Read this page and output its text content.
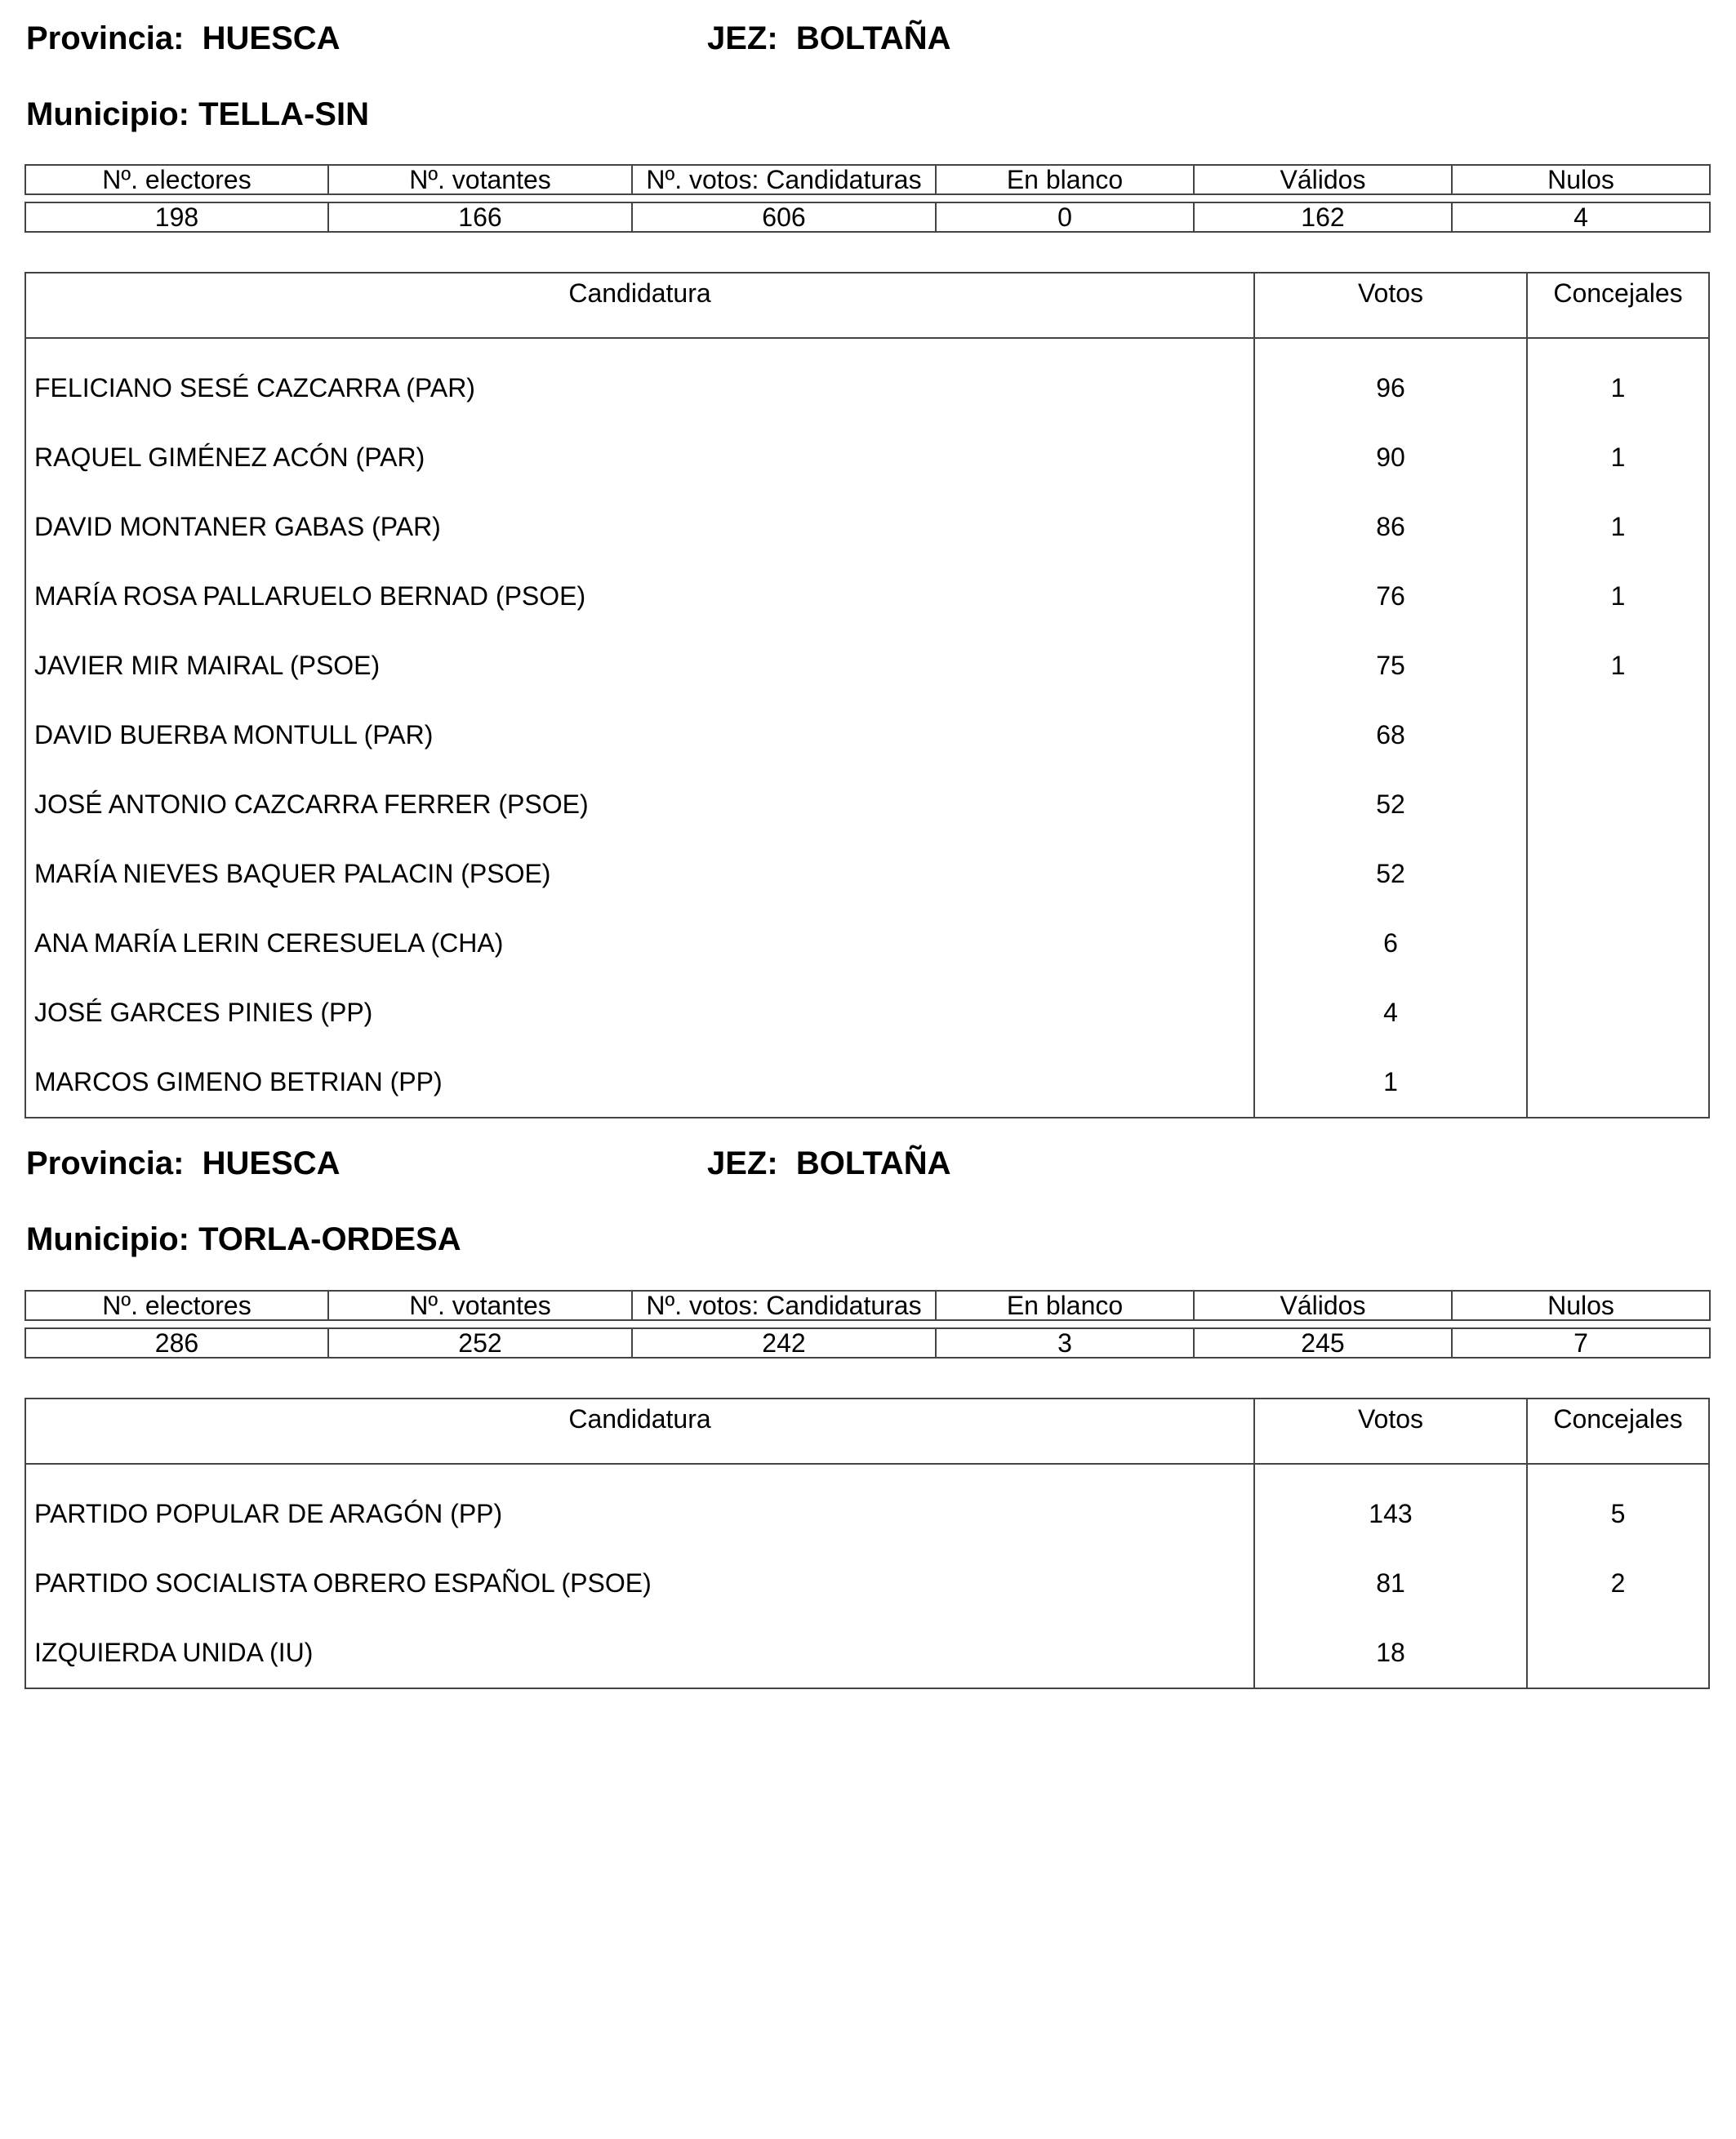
Provincia: HUESCA	JEZ: BOLTAÑA
Municipio: TELLA-SIN
Nº. electores	Nº. votantes	Nº. votos: Candidaturas	En blanco	Válidos	Nulos

198	166	606	0	162	4
Candidatura	Votos	Concejales
FELICIANO SESÉ CAZCARRA (PAR)	96	1
RAQUEL GIMÉNEZ ACÓN (PAR)	90	1
DAVID MONTANER GABAS (PAR)	86	1
MARÍA ROSA PALLARUELO BERNAD (PSOE)	76	1
JAVIER MIR MAIRAL (PSOE)	75	1
DAVID BUERBA MONTULL (PAR)	68
JOSÉ ANTONIO CAZCARRA FERRER (PSOE)	52
MARÍA NIEVES BAQUER PALACIN (PSOE)	52
ANA MARÍA LERIN CERESUELA (CHA)	6
JOSÉ GARCES PINIES (PP)	4
MARCOS GIMENO BETRIAN (PP)	1
Provincia: HUESCA	JEZ: BOLTAÑA
Municipio: TORLA-ORDESA
Nº. electores	Nº. votantes	Nº. votos: Candidaturas	En blanco	Válidos	Nulos

286	252	242	3	245	7
Candidatura	Votos	Concejales
PARTIDO POPULAR DE ARAGÓN (PP)	143	5
PARTIDO SOCIALISTA OBRERO ESPAÑOL (PSOE)	81	2
IZQUIERDA UNIDA (IU)	18
